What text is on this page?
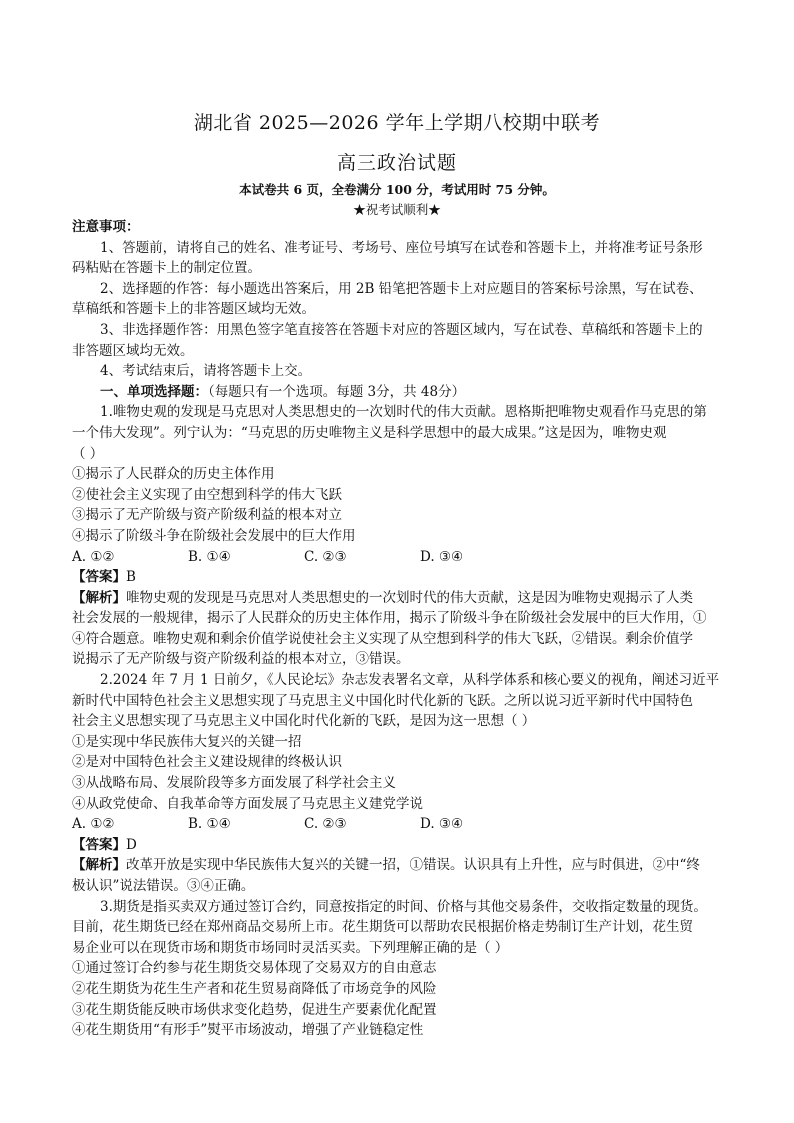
湖北省 2025—2026 学年上学期八校期中联考
高三政治试题
本试卷共 6 页，全卷满分 100 分，考试用时 75 分钟。
★祝考试顺利★
注意事项：
1、答题前，请将自己的姓名、准考证号、考场号、座位号填写在试卷和答题卡上，并将准考证号条形
码粘贴在答题卡上的制定位置。
2、选择题的作答：每小题选出答案后，用 2B 铅笔把答题卡上对应题目的答案标号涂黑，写在试卷、
草稿纸和答题卡上的非答题区域均无效。
3、非选择题作答：用黑色签字笔直接答在答题卡对应的答题区域内，写在试卷、草稿纸和答题卡上的
非答题区域均无效。
4、考试结束后，请将答题卡上交。
一、单项选择题：（每题只有一个选项。每题 3分，共 48分）
1.唯物史观的发现是马克思对人类思想史的一次划时代的伟大贡献。恩格斯把唯物史观看作马克思的第
一个伟大发现”。列宁认为：“马克思的历史唯物主义是科学思想中的最大成果。”这是因为，唯物史观
（ ）
①揭示了人民群众的历史主体作用
②使社会主义实现了由空想到科学的伟大飞跃
③揭示了无产阶级与资产阶级利益的根本对立
④揭示了阶级斗争在阶级社会发展中的巨大作用
A. ①②	B. ①④	C. ②③	D. ③④
【答案】B
【解析】唯物史观的发现是马克思对人类思想史的一次划时代的伟大贡献，这是因为唯物史观揭示了人类
社会发展的一般规律，揭示了人民群众的历史主体作用，揭示了阶级斗争在阶级社会发展中的巨大作用，①
④符合题意。唯物史观和剩余价值学说使社会主义实现了从空想到科学的伟大飞跃，②错误。剩余价值学
说揭示了无产阶级与资产阶级利益的根本对立，③错误。
2.2024 年 7 月 1 日前夕，《人民论坛》杂志发表署名文章，从科学体系和核心要义的视角，阐述习近平
新时代中国特色社会主义思想实现了马克思主义中国化时代化新的飞跃。之所以说习近平新时代中国特色
社会主义思想实现了马克思主义中国化时代化新的飞跃，是因为这一思想（ ）
①是实现中华民族伟大复兴的关键一招
②是对中国特色社会主义建设规律的终极认识
③从战略布局、发展阶段等多方面发展了科学社会主义
④从政党使命、自我革命等方面发展了马克思主义建党学说
A. ①②	B. ①④	C. ②③	D. ③④
【答案】D
【解析】改革开放是实现中华民族伟大复兴的关键一招，①错误。认识具有上升性，应与时俱进，②中“终
极认识”说法错误。③④正确。
3.期货是指买卖双方通过签订合约，同意按指定的时间、价格与其他交易条件，交收指定数量的现货。
目前，花生期货已经在郑州商品交易所上市。花生期货可以帮助农民根据价格走势制订生产计划，花生贸
易企业可以在现货市场和期货市场同时灵活买卖。下列理解正确的是（ ）
①通过签订合约参与花生期货交易体现了交易双方的自由意志
②花生期货为花生生产者和花生贸易商降低了市场竞争的风险
③花生期货能反映市场供求变化趋势，促进生产要素优化配置
④花生期货用“有形手”熨平市场波动，增强了产业链稳定性
